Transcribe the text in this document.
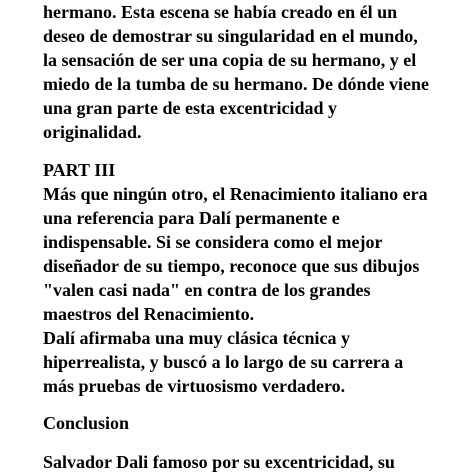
hermano. Esta escena se había creado en él un
deseo de demostrar su singularidad en el mundo,
la sensación de ser una copia de su hermano, y el
miedo de la tumba de su hermano. De dónde viene
una gran parte de esta excentricidad y
originalidad.
PART III
Más que ningún otro, el Renacimiento italiano era
una referencia para Dalí permanente e
indispensable. Si se considera como el mejor
diseñador de su tiempo, reconoce que sus dibujos
"valen casi nada" en contra de los grandes
maestros del Renacimiento.
Dalí afirmaba una muy clásica técnica y
hiperrealista, y buscó a lo largo de su carrera a
más pruebas de virtuosismo verdadero.
Conclusion
Salvador Dali famoso por su excentricidad, su
